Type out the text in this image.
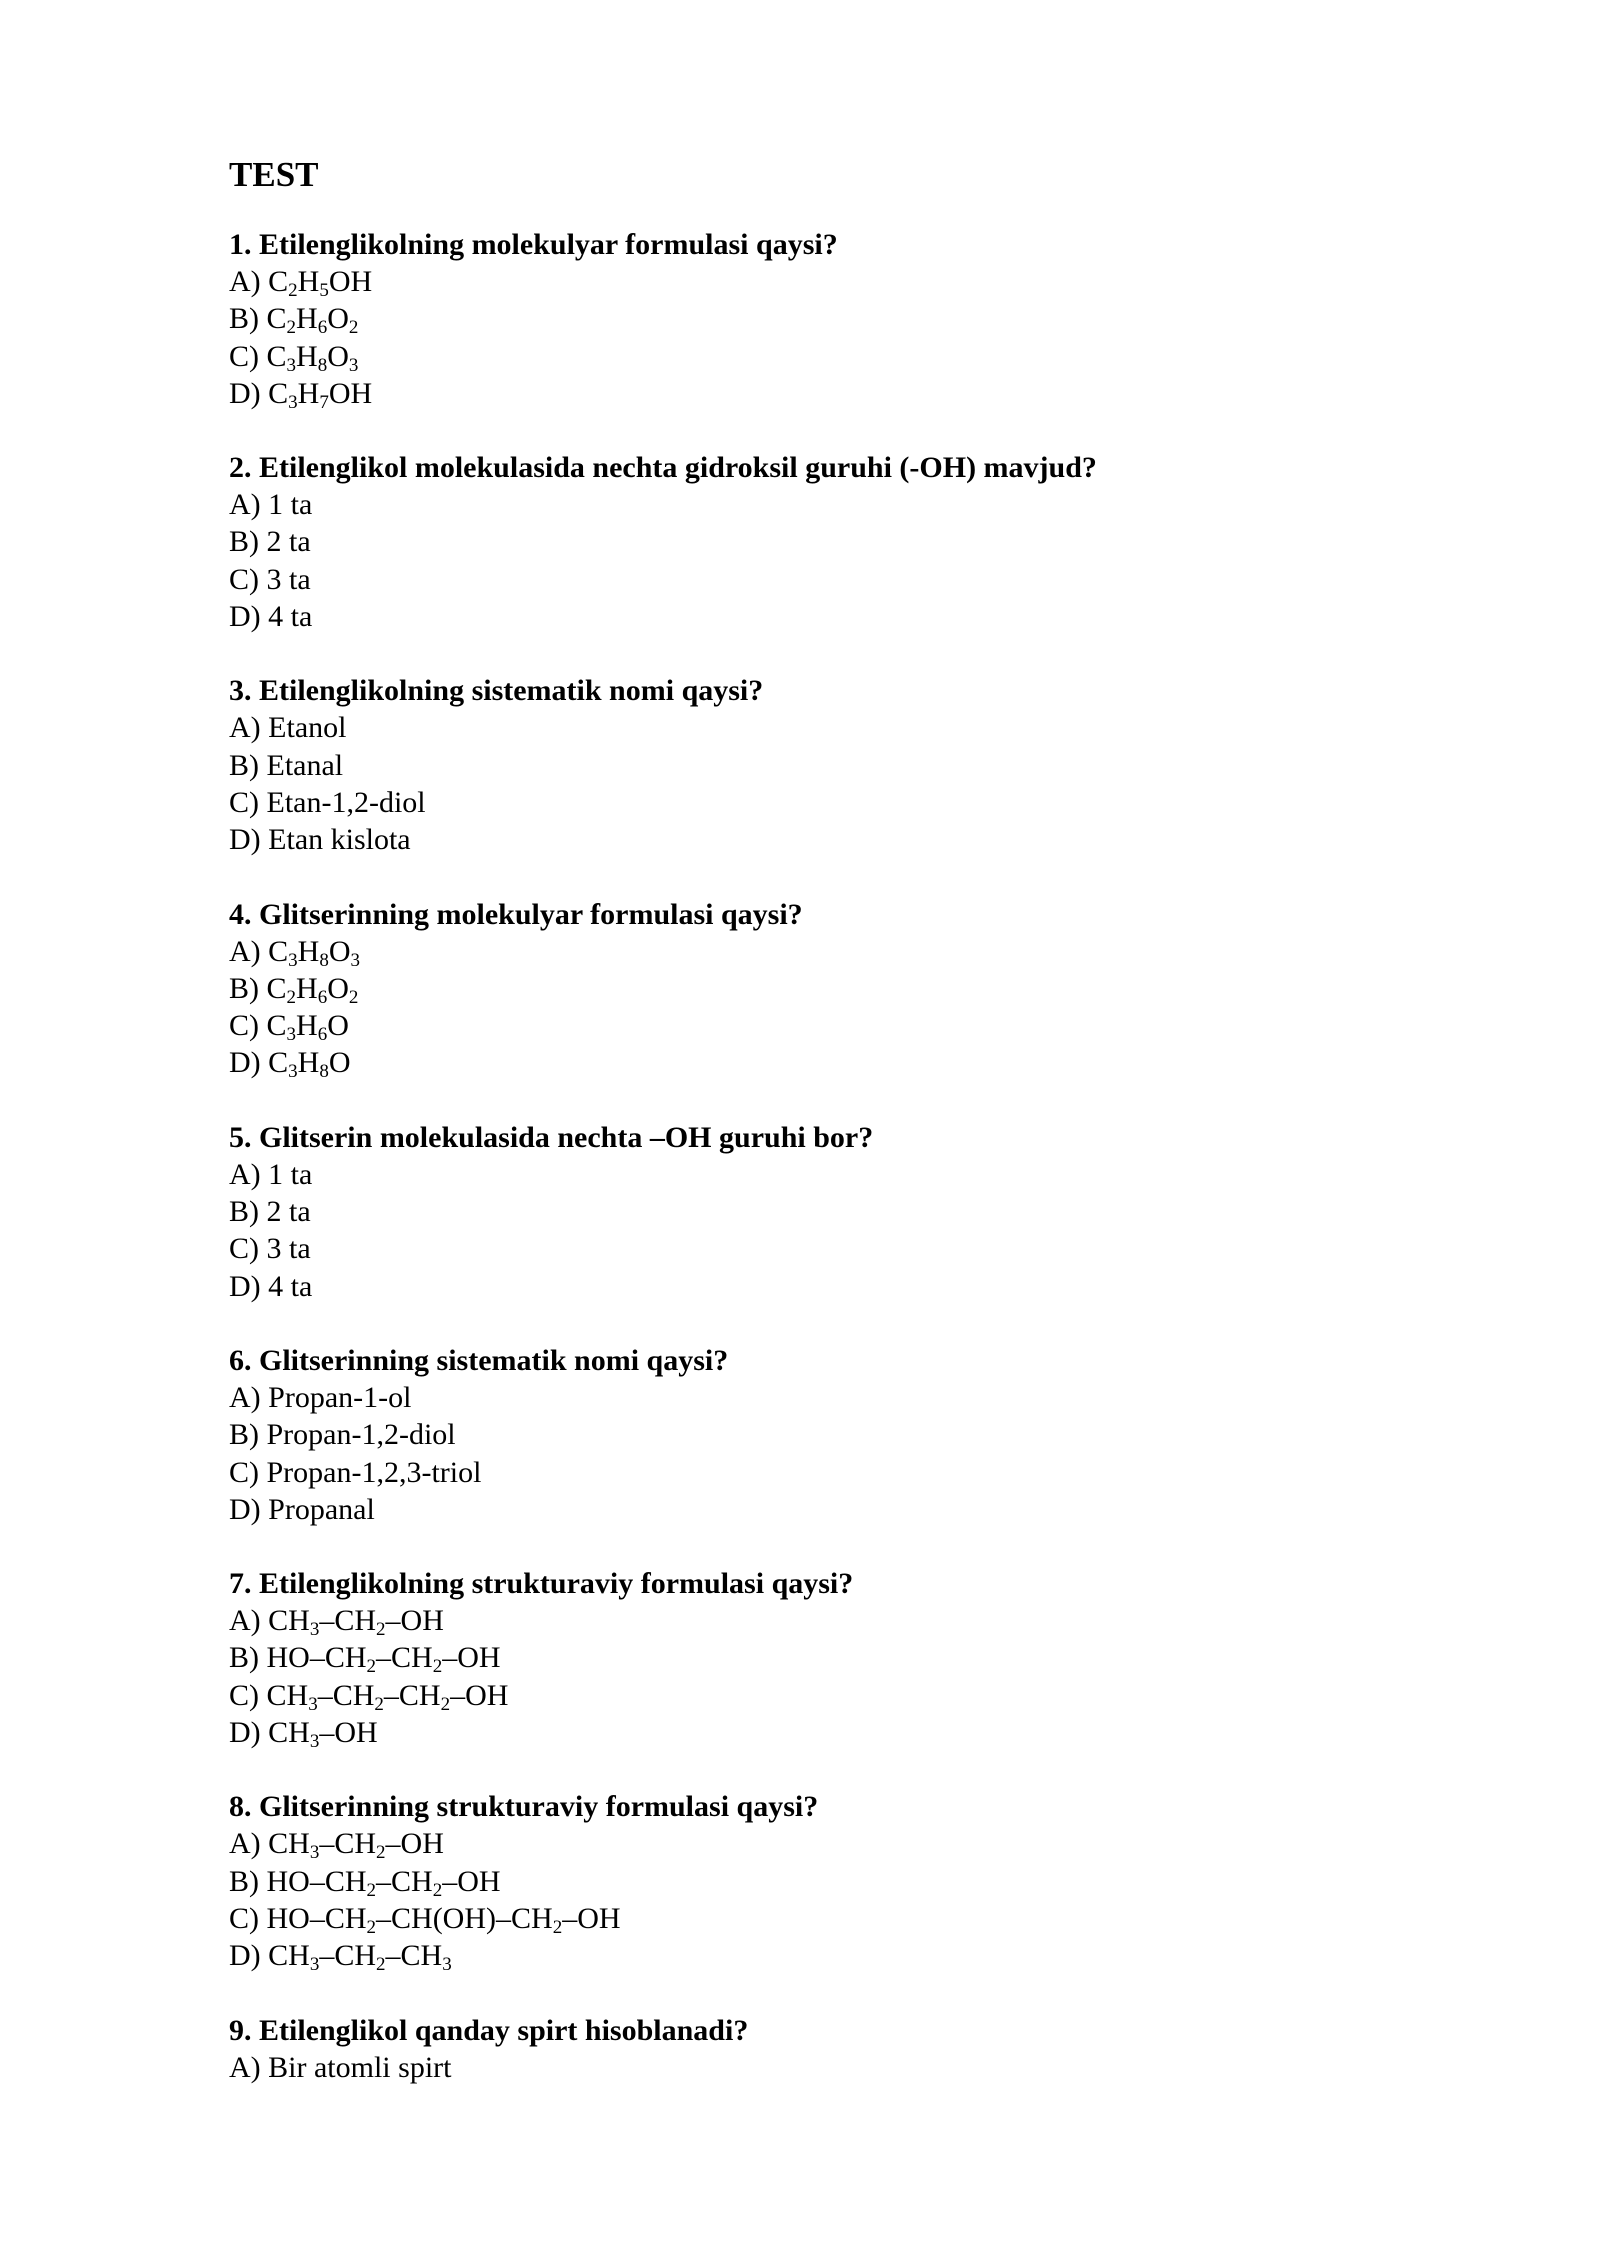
TEST
1. Etilenglikolning molekulyar formulasi qaysi?
A) $C_2H_5OH$
B) $C_2H_6O_2$
C) $C_3H_8O_3$
D) $C_3H_7OH$
2. Etilenglikol molekulasida nechta gidroksil guruhi (-OH) mavjud?
A) 1 ta
B) 2 ta
C) 3 ta
D) 4 ta
3. Etilenglikolning sistematik nomi qaysi?
A) Etanol
B) Etanal
C) Etan-1,2-diol
D) Etan kislota
4. Glitserinning molekulyar formulasi qaysi?
A) $C_3H_8O_3$
B) $C_2H_6O_2$
C) $C_3H_6O$
D) $C_3H_8O$
5. Glitserin molekulasida nechta –OH guruhi bor?
A) 1 ta
B) 2 ta
C) 3 ta
D) 4 ta
6. Glitserinning sistematik nomi qaysi?
A) Propan-1-ol
B) Propan-1,2-diol
C) Propan-1,2,3-triol
D) Propanal
7. Etilenglikolning strukturaviy formulasi qaysi?
A) $CH_3-CH_2-OH$
B) $HO-CH_2-CH_2-OH$
C) $CH_3-CH_2-CH_2-OH$
D) $CH_3-OH$
8. Glitserinning strukturaviy formulasi qaysi?
A) $CH_3-CH_2-OH$
B) $HO-CH_2-CH_2-OH$
C) $HO-CH_2-CH(OH)-CH_2-OH$
D) $CH_3-CH_2-CH_3$
9. Etilenglikol qanday spirt hisoblanadi?
A) Bir atomli spirt
